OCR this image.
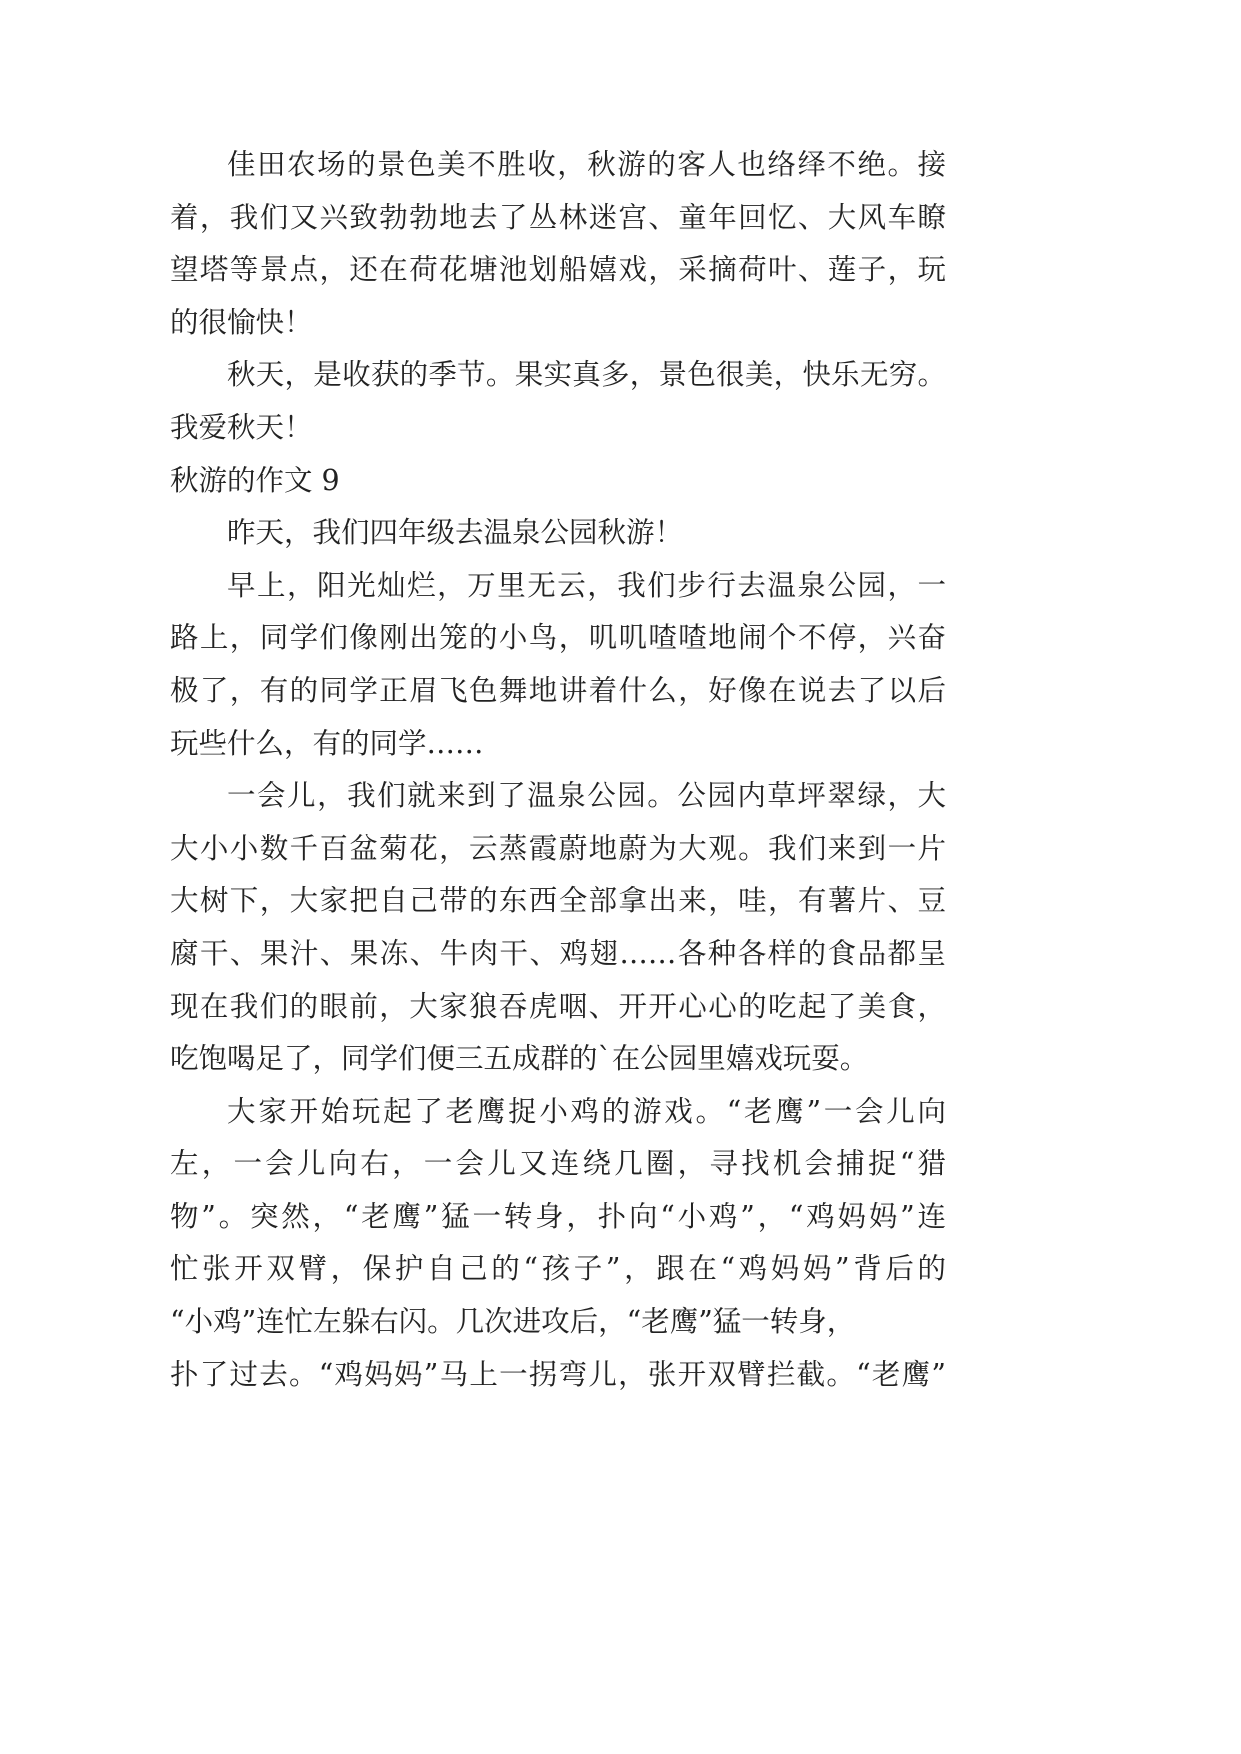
佳田农场的景色美不胜收，秋游的客人也络绎不绝。接
着，我们又兴致勃勃地去了丛林迷宫、童年回忆、大风车瞭
望塔等景点，还在荷花塘池划船嬉戏，采摘荷叶、莲子，玩
的很愉快！
秋天，是收获的季节。果实真多，景色很美，快乐无穷。
我爱秋天！
秋游的作文 9
昨天，我们四年级去温泉公园秋游！
早上，阳光灿烂，万里无云，我们步行去温泉公园，一
路上，同学们像刚出笼的小鸟，叽叽喳喳地闹个不停，兴奋
极了，有的同学正眉飞色舞地讲着什么，好像在说去了以后
玩些什么，有的同学……
一会儿，我们就来到了温泉公园。公园内草坪翠绿，大
大小小数千百盆菊花，云蒸霞蔚地蔚为大观。我们来到一片
大树下，大家把自己带的东西全部拿出来，哇，有薯片、豆
腐干、果汁、果冻、牛肉干、鸡翅……各种各样的食品都呈
现在我们的眼前，大家狼吞虎咽、开开心心的吃起了美食，
吃饱喝足了，同学们便三五成群的`在公园里嬉戏玩耍。
大家开始玩起了老鹰捉小鸡的游戏。“老鹰”一会儿向
左，一会儿向右，一会儿又连绕几圈，寻找机会捕捉“猎
物”。突然，“老鹰”猛一转身，扑向“小鸡”，“鸡妈妈”连
忙张开双臂，保护自己的“孩子”，跟在“鸡妈妈”背后的
“小鸡”连忙左躲右闪。几次进攻后，“老鹰”猛一转身，
扑了过去。“鸡妈妈”马上一拐弯儿，张开双臂拦截。“老鹰”
